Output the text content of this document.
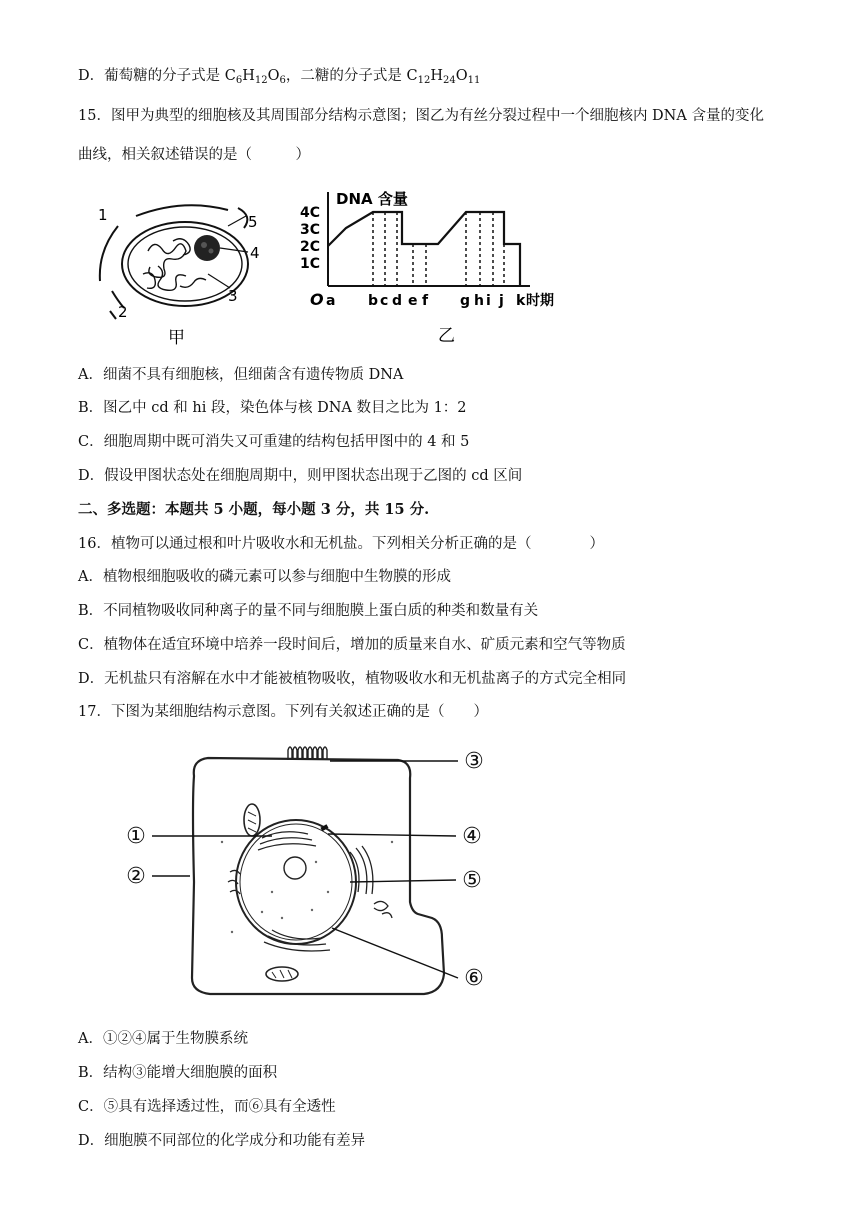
D．葡萄糖的分子式是 $C_6H_{12}O_6$，二糖的分子式是 $C_{12}H_{24}O_{11}$
15．图甲为典型的细胞核及其周围部分结构示意图；图乙为有丝分裂过程中一个细胞核内 DNA 含量的变化
曲线，相关叙述错误的是（　　　）
1
2
3
4
5
甲
DNA 含量
4C
3C
2C
1C
O a b c d e f g h i j k 时期
乙
A．细菌不具有细胞核，但细菌含有遗传物质 DNA
B．图乙中 cd 和 hi 段，染色体与核 DNA 数目之比为 1：2
C．细胞周期中既可消失又可重建的结构包括甲图中的 4 和 5
D．假设甲图状态处在细胞周期中，则甲图状态出现于乙图的 cd 区间
二、多选题：本题共 5 小题，每小题 3 分，共 15 分.
16．植物可以通过根和叶片吸收水和无机盐。下列相关分析正确的是（　　　　）
A．植物根细胞吸收的磷元素可以参与细胞中生物膜的形成
B．不同植物吸收同种离子的量不同与细胞膜上蛋白质的种类和数量有关
C．植物体在适宜环境中培养一段时间后，增加的质量来自水、矿质元素和空气等物质
D．无机盐只有溶解在水中才能被植物吸收，植物吸收水和无机盐离子的方式完全相同
17．下图为某细胞结构示意图。下列有关叙述正确的是（　　）
①
②
③
④
⑤
⑥
A．①②④属于生物膜系统
B．结构③能增大细胞膜的面积
C．⑤具有选择透过性，而⑥具有全透性
D．细胞膜不同部位的化学成分和功能有差异
